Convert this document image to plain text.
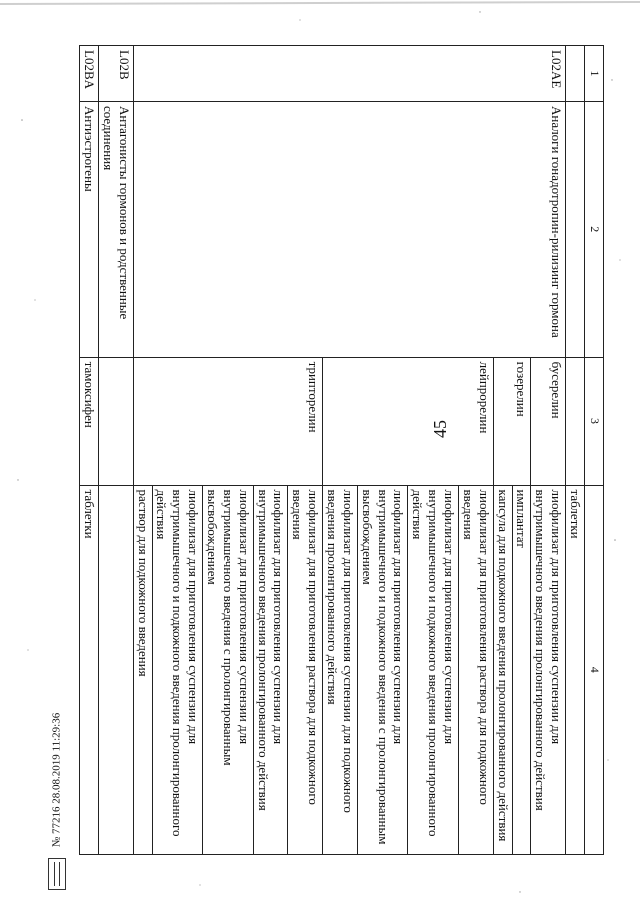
45
1	2	3	4
			таблетки
L02AE	Аналоги гонадотропин-рилизинг гормона	бусерелин	лиофилизат для приготовления суспензии для внутримышечного введения пролонгированного действия
		гозерелин	имплантат
			капсула для подкожного введения пролонгированного действия
		лейпрорелин	лиофилизат для приготовления раствора для подкожного введения
			лиофилизат для приготовления суспензии для внутримышечного и подкожного введения пролонгированного действия
			лиофилизат для приготовления суспензии для внутримышечного и подкожного введения с пролонгированным высвобождением
			лиофилизат для приготовления суспензии для подкожного введения пролонгированного действия
		трипторелин	лиофилизат для приготовления раствора для подкожного введения
			лиофилизат для приготовления суспензии для внутримышечного введения пролонгированного действия
			лиофилизат для приготовления суспензии для внутримышечного введения с пролонгированным высвобождением
			лиофилизат для приготовления суспензии для внутримышечного и подкожного введения пролонгированного действия
			раствор для подкожного введения
L02B	Антагонисты гормонов и родственные соединения		
L02BA	Антиэстрогены	тамоксифен	таблетки
№ 77216 28.08.2019 11:29:36
